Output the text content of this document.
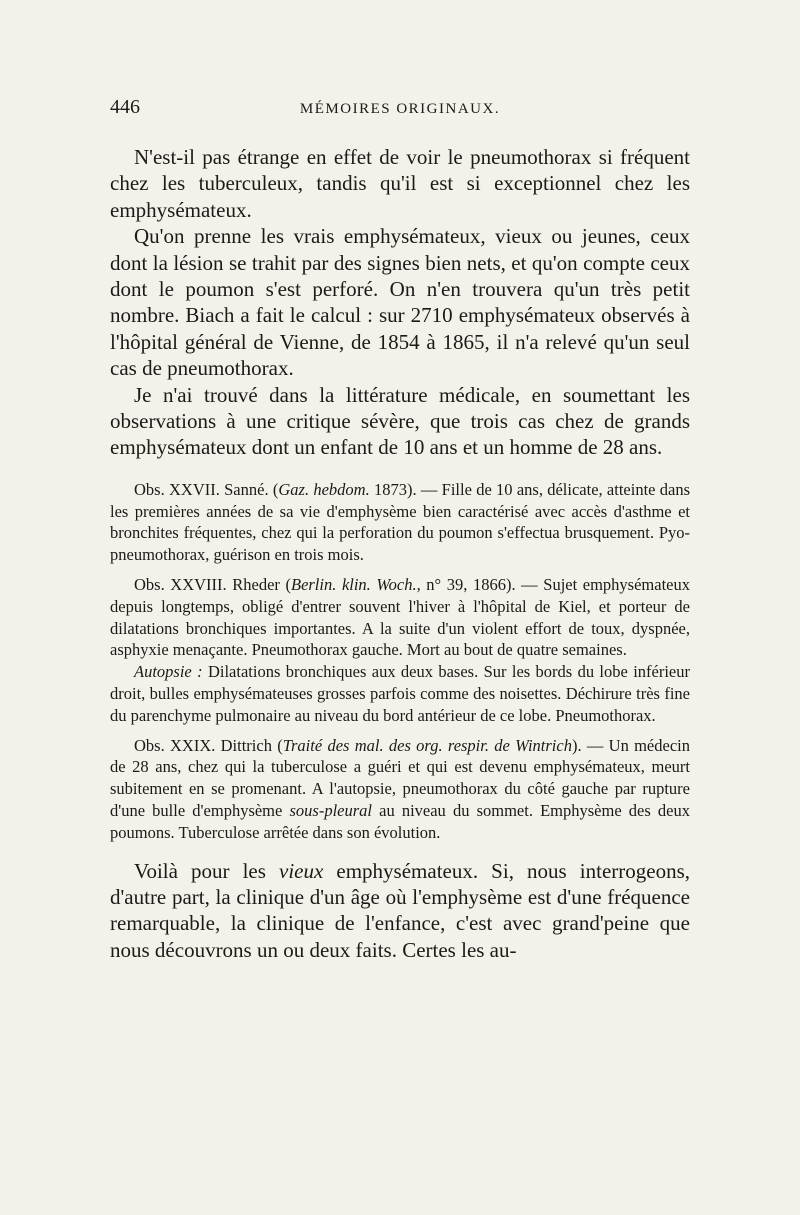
446	MÉMOIRES ORIGINAUX.

N'est-il pas étrange en effet de voir le pneumothorax si fréquent chez les tuberculeux, tandis qu'il est si exceptionnel chez les emphysémateux.

Qu'on prenne les vrais emphysémateux, vieux ou jeunes, ceux dont la lésion se trahit par des signes bien nets, et qu'on compte ceux dont le poumon s'est perforé. On n'en trouvera qu'un très petit nombre. Biach a fait le calcul : sur 2710 emphysémateux observés à l'hôpital général de Vienne, de 1854 à 1865, il n'a relevé qu'un seul cas de pneumothorax.

Je n'ai trouvé dans la littérature médicale, en soumettant les observations à une critique sévère, que trois cas chez de grands emphysémateux dont un enfant de 10 ans et un homme de 28 ans.

Obs. XXVII. Sanné. (Gaz. hebdom. 1873). — Fille de 10 ans, délicate, atteinte dans les premières années de sa vie d'emphysème bien caractérisé avec accès d'asthme et bronchites fréquentes, chez qui la perforation du poumon s'effectua brusquement. Pyo-pneumothorax, guérison en trois mois.

Obs. XXVIII. Rheder (Berlin. klin. Woch., n° 39, 1866). — Sujet emphysémateux depuis longtemps, obligé d'entrer souvent l'hiver à l'hôpital de Kiel, et porteur de dilatations bronchiques importantes. A la suite d'un violent effort de toux, dyspnée, asphyxie menaçante. Pneumothorax gauche. Mort au bout de quatre semaines.

Autopsie : Dilatations bronchiques aux deux bases. Sur les bords du lobe inférieur droit, bulles emphysémateuses grosses parfois comme des noisettes. Déchirure très fine du parenchyme pulmonaire au niveau du bord antérieur de ce lobe. Pneumothorax.

Obs. XXIX. Dittrich (Traité des mal. des org. respir. de Wintrich). — Un médecin de 28 ans, chez qui la tuberculose a guéri et qui est devenu emphysémateux, meurt subitement en se promenant. A l'autopsie, pneumothorax du côté gauche par rupture d'une bulle d'emphysème sous-pleural au niveau du sommet. Emphysème des deux poumons. Tuberculose arrêtée dans son évolution.

Voilà pour les vieux emphysémateux. Si, nous interrogeons, d'autre part, la clinique d'un âge où l'emphysème est d'une fréquence remarquable, la clinique de l'enfance, c'est avec grand'peine que nous découvrons un ou deux faits. Certes les au-
